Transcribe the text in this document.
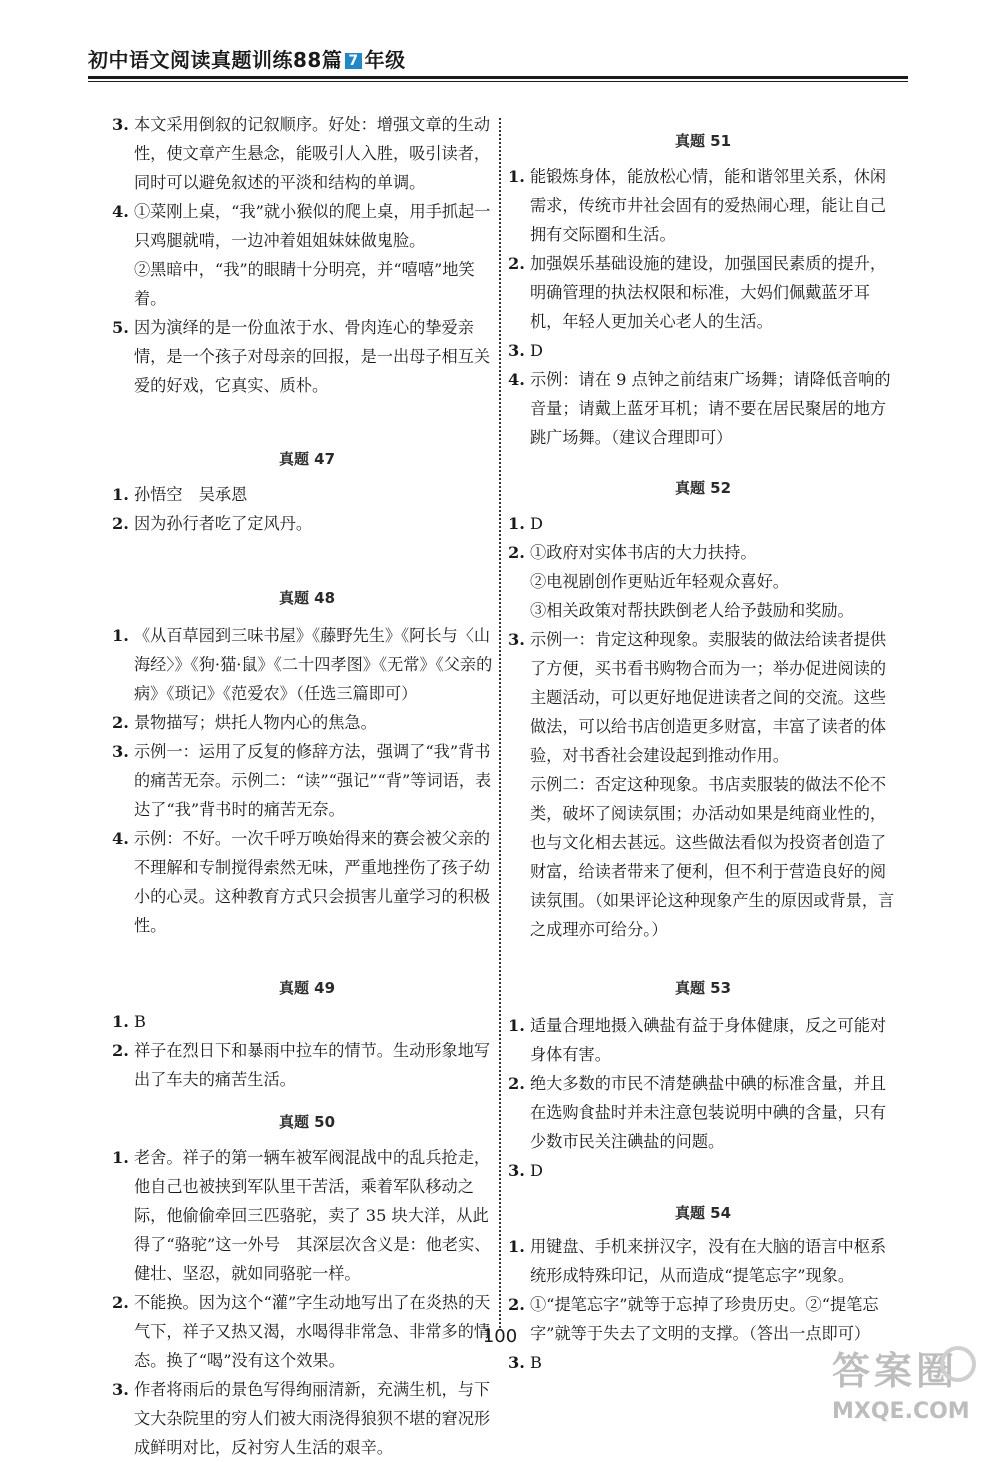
初中语文阅读真题训练88篇 7 年级
3. 本文采用倒叙的记叙顺序。好处：增强文章的生动性，使文章产生悬念，能吸引人入胜，吸引读者，同时可以避免叙述的平淡和结构的单调。
4. ①菜刚上桌，“我”就小猴似的爬上桌，用手抓起一只鸡腿就啃，一边冲着姐姐妹妹做鬼脸。
②黑暗中，“我”的眼睛十分明亮，并“嘻嘻”地笑着。
5. 因为演绎的是一份血浓于水、骨肉连心的挚爱亲情，是一个孩子对母亲的回报，是一出母子相互关爱的好戏，它真实、质朴。
真题 47
1. 孙悟空　吴承恩
2. 因为孙行者吃了定风丹。
真题 48
1. 《从百草园到三味书屋》《藤野先生》《阿长与〈山海经〉》《狗·猫·鼠》《二十四孝图》《无常》《父亲的病》《琐记》《范爱农》（任选三篇即可）
2. 景物描写；烘托人物内心的焦急。
3. 示例一：运用了反复的修辞方法，强调了“我”背书的痛苦无奈。示例二：“读”“强记”“背”等词语，表达了“我”背书时的痛苦无奈。
4. 示例：不好。一次千呼万唤始得来的赛会被父亲的不理解和专制搅得索然无味，严重地挫伤了孩子幼小的心灵。这种教育方式只会损害儿童学习的积极性。
真题 49
1. B
2. 祥子在烈日下和暴雨中拉车的情节。生动形象地写出了车夫的痛苦生活。
真题 50
1. 老舍。祥子的第一辆车被军阀混战中的乱兵抢走，他自己也被挟到军队里干苦活，乘着军队移动之际，他偷偷牵回三匹骆驼，卖了 35 块大洋，从此得了“骆驼”这一外号　其深层次含义是：他老实、健壮、坚忍，就如同骆驼一样。
2. 不能换。因为这个“灌”字生动地写出了在炎热的天气下，祥子又热又渴，水喝得非常急、非常多的情态。换了“喝”没有这个效果。
3. 作者将雨后的景色写得绚丽清新，充满生机，与下文大杂院里的穷人们被大雨浇得狼狈不堪的窘况形成鲜明对比，反衬穷人生活的艰辛。
真题 51
1. 能锻炼身体，能放松心情，能和谐邻里关系，休闲需求，传统市井社会固有的爱热闹心理，能让自己拥有交际圈和生活。
2. 加强娱乐基础设施的建设，加强国民素质的提升，明确管理的执法权限和标准，大妈们佩戴蓝牙耳机，年轻人更加关心老人的生活。
3. D
4. 示例：请在 9 点钟之前结束广场舞；请降低音响的音量；请戴上蓝牙耳机；请不要在居民聚居的地方跳广场舞。（建议合理即可）
真题 52
1. D
2. ①政府对实体书店的大力扶持。
②电视剧创作更贴近年轻观众喜好。
③相关政策对帮扶跌倒老人给予鼓励和奖励。
3. 示例一：肯定这种现象。卖服装的做法给读者提供了方便，买书看书购物合而为一；举办促进阅读的主题活动，可以更好地促进读者之间的交流。这些做法，可以给书店创造更多财富，丰富了读者的体验，对书香社会建设起到推动作用。
示例二：否定这种现象。书店卖服装的做法不伦不类，破坏了阅读氛围；办活动如果是纯商业性的，也与文化相去甚远。这些做法看似为投资者创造了财富，给读者带来了便利，但不利于营造良好的阅读氛围。（如果评论这种现象产生的原因或背景，言之成理亦可给分。）
真题 53
1. 适量合理地摄入碘盐有益于身体健康，反之可能对身体有害。
2. 绝大多数的市民不清楚碘盐中碘的标准含量，并且在选购食盐时并未注意包装说明中碘的含量，只有少数市民关注碘盐的问题。
3. D
真题 54
1. 用键盘、手机来拼汉字，没有在大脑的语言中枢系统形成特殊印记，从而造成“提笔忘字”现象。
2. ①“提笔忘字”就等于忘掉了珍贵历史。②“提笔忘字”就等于失去了文明的支撑。（答出一点即可）
3. B
100
答案圈
MXQE.COM
